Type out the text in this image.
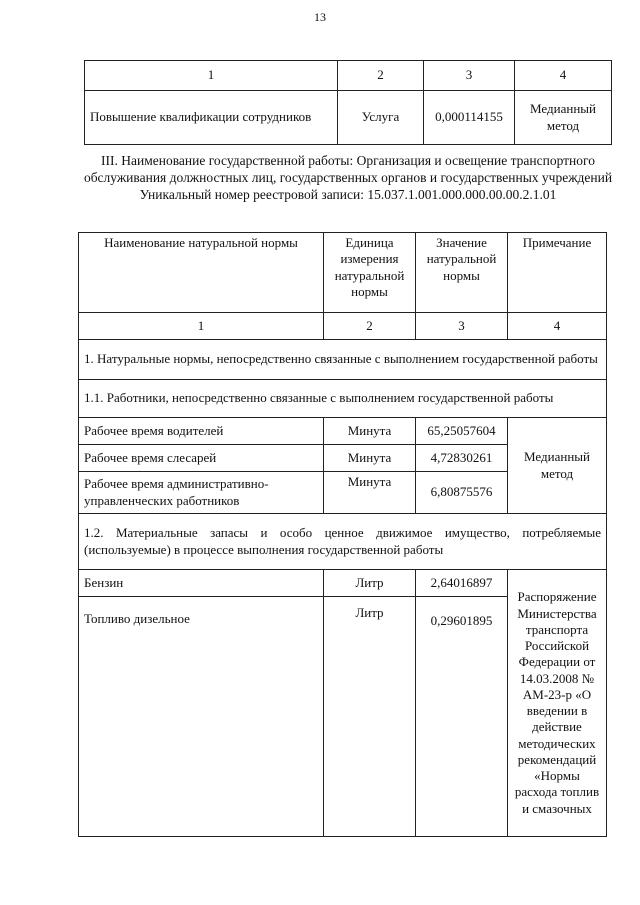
13
1	2	3	4
Повышение квалификации сотрудников	Услуга	0,000114155	Медианный метод
III. Наименование государственной работы: Организация и освещение транспортного обслуживания должностных лиц, государственных органов и государственных учреждений
Уникальный номер реестровой записи: 15.037.1.001.000.000.00.00.2.1.01
Наименование натуральной нормы	Единица измерения натуральной нормы	Значение натуральной нормы	Примечание
1	2	3	4
1. Натуральные нормы, непосредственно связанные с выполнением государственной работы			
1.1. Работники, непосредственно связанные с выполнением государственной работы			
Рабочее время водителей	Минута	65,25057604	Медианный метод
Рабочее время слесарей	Минута	4,72830261	
Рабочее время административно-управленческих работников	Минута	6,80875576	
1.2. Материальные запасы и особо ценное движимое имущество, потребляемые (используемые) в процессе выполнения государственной работы			
Бензин	Литр	2,64016897	Распоряжение Министерства транспорта Российской Федерации от 14.03.2008 № АМ-23-р «О введении в действие методических рекомендаций «Нормы расхода топлив и смазочных
Топливо дизельное	Литр	0,29601895	
